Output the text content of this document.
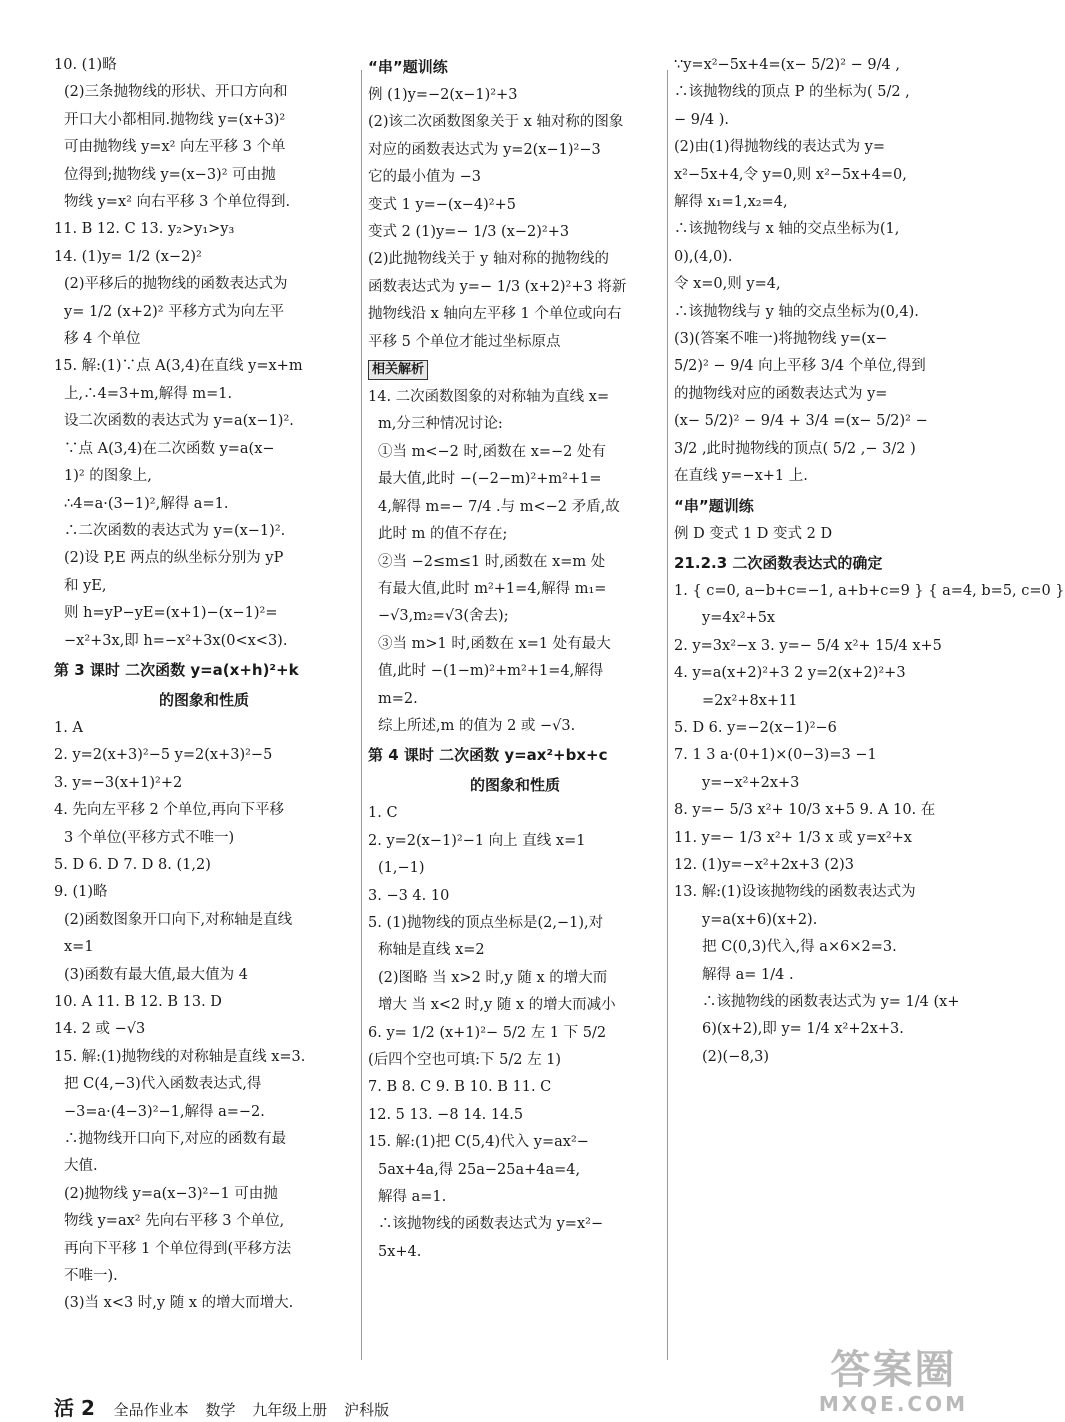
10. (1)略
(2)三条抛物线的形状、开口方向和
开口大小都相同.抛物线 y=(x+3)²
可由抛物线 y=x² 向左平移 3 个单
位得到;抛物线 y=(x−3)² 可由抛
物线 y=x² 向右平移 3 个单位得到.
11. B 12. C 13. y₂>y₁>y₃
14. (1)y= 1/2 (x−2)²
(2)平移后的抛物线的函数表达式为
y= 1/2 (x+2)² 平移方式为向左平
移 4 个单位
15. 解:(1)∵点 A(3,4)在直线 y=x+m
上,∴4=3+m,解得 m=1.
设二次函数的表达式为 y=a(x−1)².
∵点 A(3,4)在二次函数 y=a(x−
1)² 的图象上,
∴4=a·(3−1)²,解得 a=1.
∴二次函数的表达式为 y=(x−1)².
(2)设 P,E 两点的纵坐标分别为 yP
和 yE,
则 h=yP−yE=(x+1)−(x−1)²=
−x²+3x,即 h=−x²+3x(0<x<3).
第 3 课时 二次函数 y=a(x+h)²+k
的图象和性质
1. A
2. y=2(x+3)²−5 y=2(x+3)²−5
3. y=−3(x+1)²+2
4. 先向左平移 2 个单位,再向下平移
3 个单位(平移方式不唯一)
5. D 6. D 7. D 8. (1,2)
9. (1)略
(2)函数图象开口向下,对称轴是直线
x=1
(3)函数有最大值,最大值为 4
10. A 11. B 12. B 13. D
14. 2 或 −√3
15. 解:(1)抛物线的对称轴是直线 x=3.
把 C(4,−3)代入函数表达式,得
−3=a·(4−3)²−1,解得 a=−2.
∴抛物线开口向下,对应的函数有最
大值.
(2)抛物线 y=a(x−3)²−1 可由抛
物线 y=ax² 先向右平移 3 个单位,
再向下平移 1 个单位得到(平移方法
不唯一).
(3)当 x<3 时,y 随 x 的增大而增大.
“串”题训练
例 (1)y=−2(x−1)²+3
(2)该二次函数图象关于 x 轴对称的图象
对应的函数表达式为 y=2(x−1)²−3
它的最小值为 −3
变式 1 y=−(x−4)²+5
变式 2 (1)y=− 1/3 (x−2)²+3
(2)此抛物线关于 y 轴对称的抛物线的
函数表达式为 y=− 1/3 (x+2)²+3 将新
抛物线沿 x 轴向左平移 1 个单位或向右
平移 5 个单位才能过坐标原点
相关解析
14. 二次函数图象的对称轴为直线 x=
m,分三种情况讨论:
①当 m<−2 时,函数在 x=−2 处有
最大值,此时 −(−2−m)²+m²+1=
4,解得 m=− 7/4 .与 m<−2 矛盾,故
此时 m 的值不存在;
②当 −2≤m≤1 时,函数在 x=m 处
有最大值,此时 m²+1=4,解得 m₁=
−√3,m₂=√3(舍去);
③当 m>1 时,函数在 x=1 处有最大
值,此时 −(1−m)²+m²+1=4,解得
m=2.
综上所述,m 的值为 2 或 −√3.
第 4 课时 二次函数 y=ax²+bx+c
的图象和性质
1. C
2. y=2(x−1)²−1 向上 直线 x=1
(1,−1)
3. −3 4. 10
5. (1)抛物线的顶点坐标是(2,−1),对
称轴是直线 x=2
(2)图略 当 x>2 时,y 随 x 的增大而
增大 当 x<2 时,y 随 x 的增大而减小
6. y= 1/2 (x+1)²− 5/2 左 1 下 5/2
(后四个空也可填:下 5/2 左 1)
7. B 8. C 9. B 10. B 11. C
12. 5 13. −8 14. 14.5
15. 解:(1)把 C(5,4)代入 y=ax²−
5ax+4a,得 25a−25a+4a=4,
解得 a=1.
∴该抛物线的函数表达式为 y=x²−
5x+4.
∵y=x²−5x+4=(x− 5/2)² − 9/4 ,
∴该抛物线的顶点 P 的坐标为( 5/2 ,
− 9/4 ).
(2)由(1)得抛物线的表达式为 y=
x²−5x+4,令 y=0,则 x²−5x+4=0,
解得 x₁=1,x₂=4,
∴该抛物线与 x 轴的交点坐标为(1,
0),(4,0).
令 x=0,则 y=4,
∴该抛物线与 y 轴的交点坐标为(0,4).
(3)(答案不唯一)将抛物线 y=(x−
5/2)² − 9/4 向上平移 3/4 个单位,得到
的抛物线对应的函数表达式为 y=
(x− 5/2)² − 9/4 + 3/4 =(x− 5/2)² −
3/2 ,此时抛物线的顶点( 5/2 ,− 3/2 )
在直线 y=−x+1 上.
“串”题训练
例 D 变式 1 D 变式 2 D
21.2.3 二次函数表达式的确定
1. { c=0, a−b+c=−1, a+b+c=9 } { a=4, b=5, c=0 }
y=4x²+5x
2. y=3x²−x 3. y=− 5/4 x²+ 15/4 x+5
4. y=a(x+2)²+3 2 y=2(x+2)²+3
=2x²+8x+11
5. D 6. y=−2(x−1)²−6
7. 1 3 a·(0+1)×(0−3)=3 −1
y=−x²+2x+3
8. y=− 5/3 x²+ 10/3 x+5 9. A 10. 在
11. y=− 1/3 x²+ 1/3 x 或 y=x²+x
12. (1)y=−x²+2x+3 (2)3
13. 解:(1)设该抛物线的函数表达式为
y=a(x+6)(x+2).
把 C(0,3)代入,得 a×6×2=3.
解得 a= 1/4 .
∴该抛物线的函数表达式为 y= 1/4 (x+
6)(x+2),即 y= 1/4 x²+2x+3.
(2)(−8,3)
活 2 全品作业本 数学 九年级上册 沪科版
答案圈
MXQE.COM
